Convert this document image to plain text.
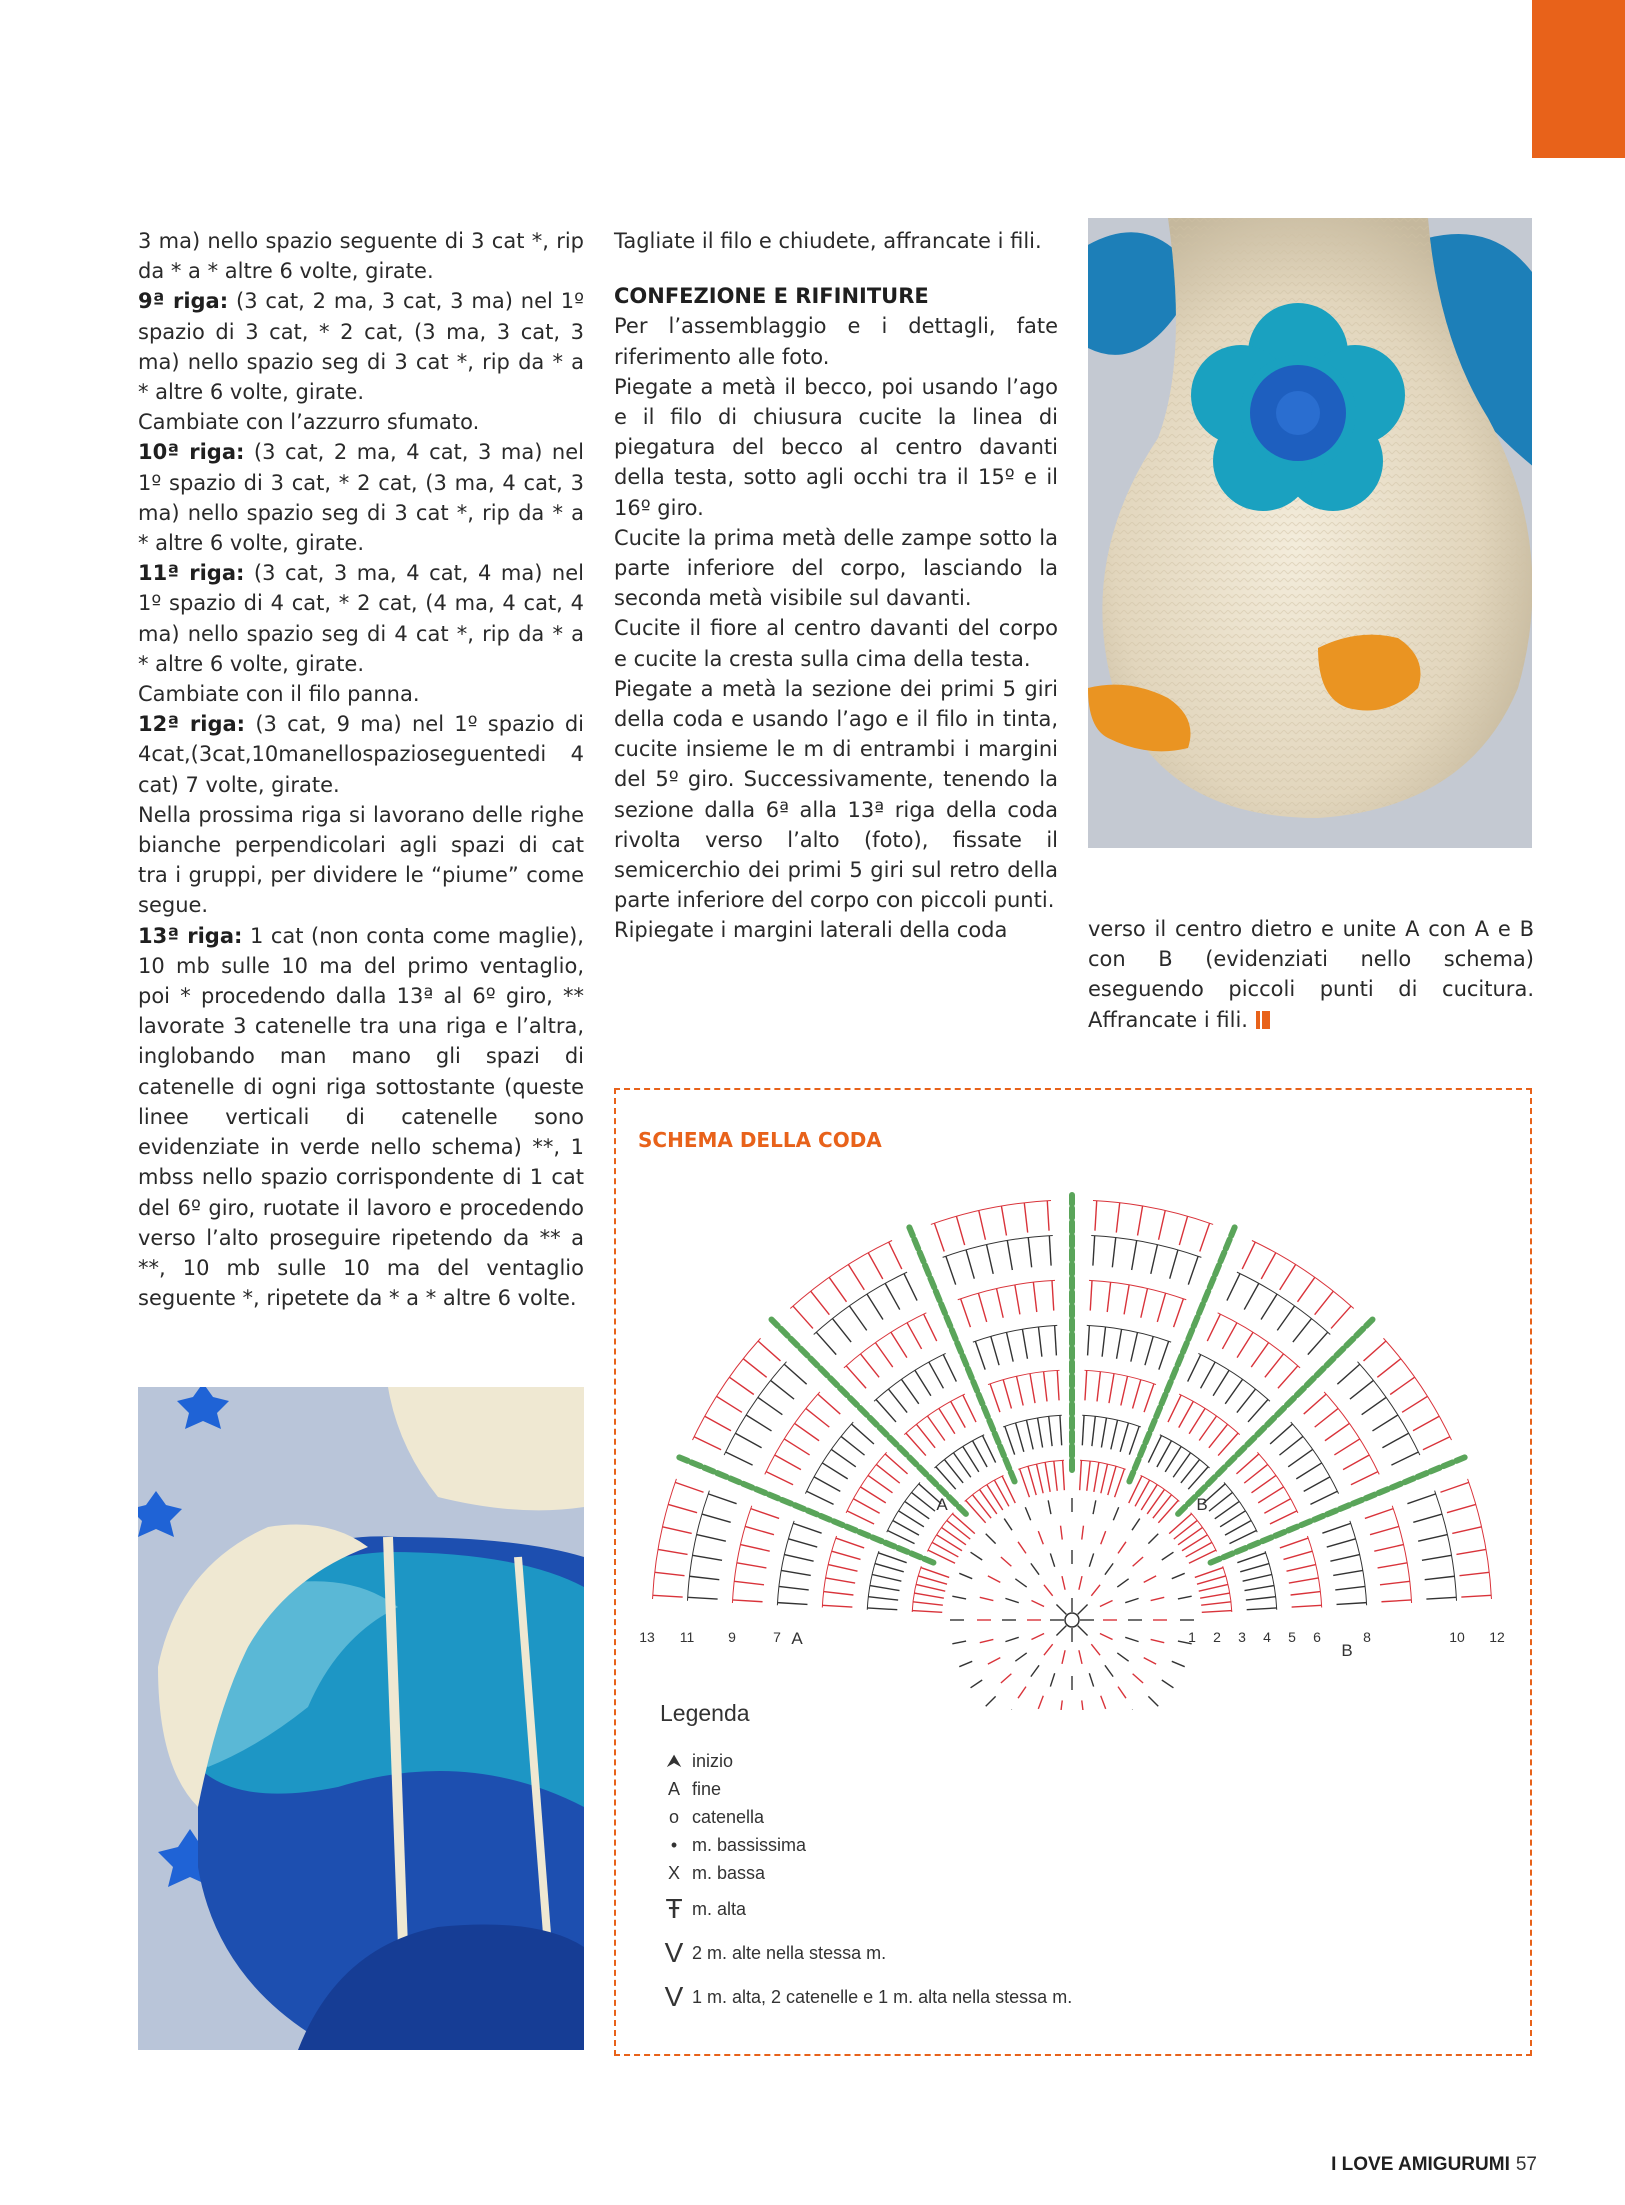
3 ma) nello spazio seguente di 3 cat *, rip da * a * altre 6 volte, girate.

9ª riga: (3 cat, 2 ma, 3 cat, 3 ma) nel 1º spazio di 3 cat, * 2 cat, (3 ma, 3 cat, 3 ma) nello spazio seg di 3 cat *, rip da * a * altre 6 volte, girate.

Cambiate con l’azzurro sfumato.

10ª riga: (3 cat, 2 ma, 4 cat, 3 ma) nel 1º spazio di 3 cat, * 2 cat, (3 ma, 4 cat, 3 ma) nello spazio seg di 3 cat *, rip da * a * altre 6 volte, girate.

11ª riga: (3 cat, 3 ma, 4 cat, 4 ma) nel 1º spazio di 4 cat, * 2 cat, (4 ma, 4 cat, 4 ma) nello spazio seg di 4 cat *, rip da * a * altre 6 volte, girate.

Cambiate con il filo panna.

12ª riga: (3 cat, 9 ma) nel 1º spazio di 4cat,(3cat,10manellospazioseguentedi 4 cat) 7 volte, girate.

Nella prossima riga si lavorano delle righe bianche perpendicolari agli spazi di cat tra i gruppi, per dividere le “piume” come segue.

13ª riga: 1 cat (non conta come maglie), 10 mb sulle 10 ma del primo ventaglio, poi * procedendo dalla 13ª al 6º giro, ** lavorate 3 catenelle tra una riga e l’altra, inglobando man mano gli spazi di catenelle di ogni riga sottostante (queste linee verticali di catenelle sono evidenziate in verde nello schema) **, 1 mbss nello spazio corrispondente di 1 cat del 6º giro, ruotate il lavoro e procedendo verso l’alto proseguire ripetendo da ** a **, 10 mb sulle 10 ma del ventaglio seguente *, ripetete da * a * altre 6 volte.

Tagliate il filo e chiudete, affrancate i fili.

CONFEZIONE E RIFINITURE

Per l’assemblaggio e i dettagli, fate riferimento alle foto.

Piegate a metà il becco, poi usando l’ago e il filo di chiusura cucite la linea di piegatura del becco al centro davanti della testa, sotto agli occhi tra il 15º e il 16º giro.

Cucite la prima metà delle zampe sotto la parte inferiore del corpo, lasciando la seconda metà visibile sul davanti.

Cucite il fiore al centro davanti del corpo e cucite la cresta sulla cima della testa.

Piegate a metà la sezione dei primi 5 giri della coda e usando l’ago e il filo in tinta, cucite insieme le m di entrambi i margini del 5º giro. Successivamente, tenendo la sezione dalla 6ª alla 13ª riga della coda rivolta verso l’alto (foto), fissate il semicerchio dei primi 5 giri sul retro della parte inferiore del corpo con piccoli punti.

Ripiegate i margini laterali della coda	verso il centro dietro e unite A con A e B con B (evidenziati nello schema) eseguendo piccoli punti di cucitura. Affrancate i fili.

SCHEMA DELLA CODA
13 11 9	7	1 2 3 4 5 6	8	10 12
A	B
A
B
Legenda
⮝ inizio
A fine
o catenella
• m. bassissima
X m. bassa
Ŧ m. alta
V 2 m. alte nella stessa m.
V 1 m. alta, 2 catenelle e 1 m. alta nella stessa m.
I LOVE AMIGURUMI 57
